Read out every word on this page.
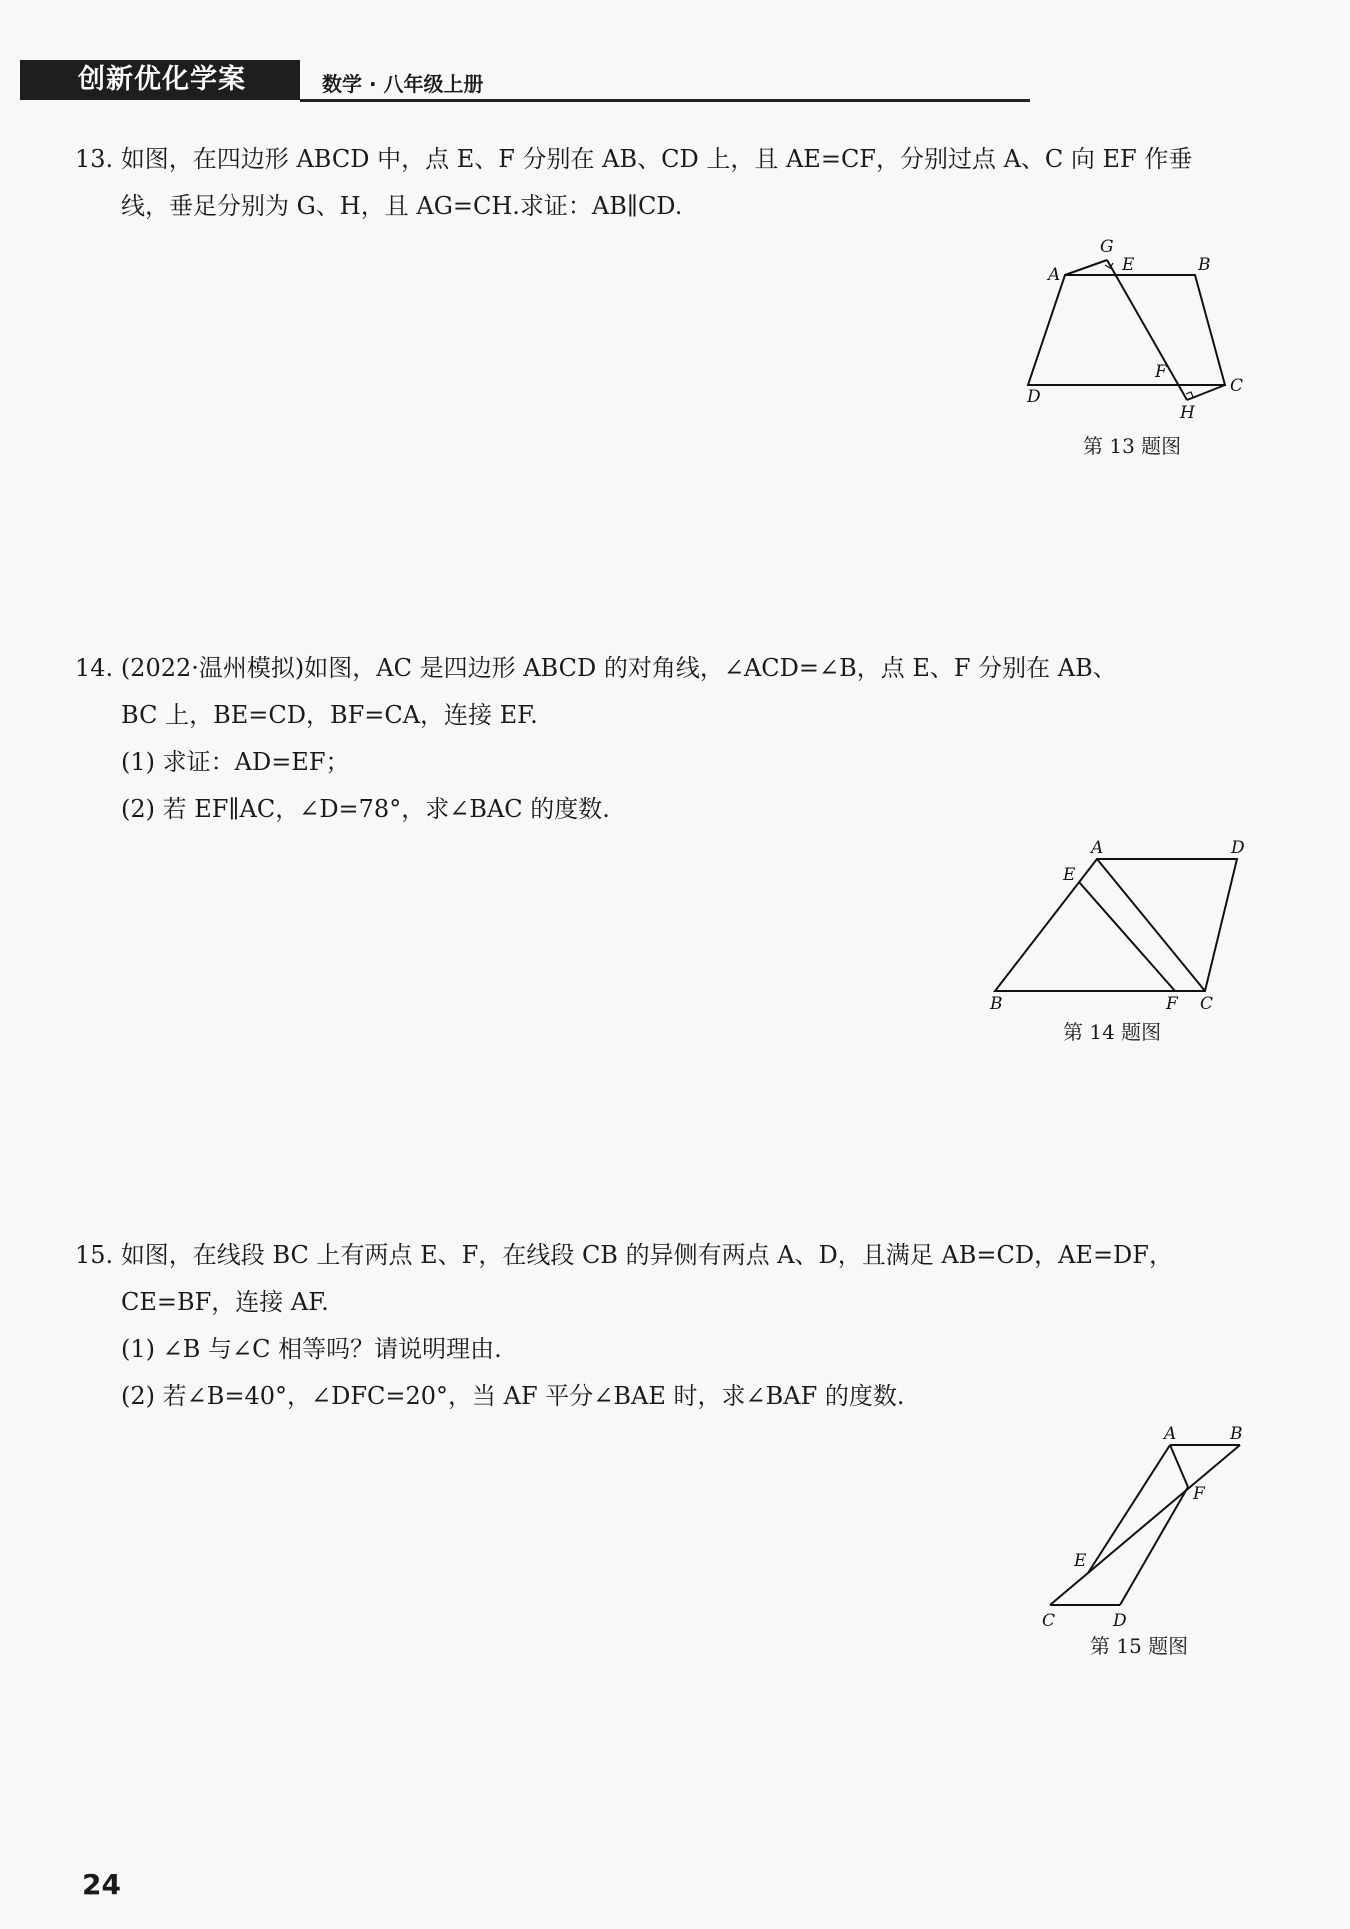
创新优化学案	数学 · 八年级上册

13. 如图，在四边形 ABCD 中，点 E、F 分别在 AB、CD 上，且 AE=CF，分别过点 A、C 向 EF 作垂

线，垂足分别为 G、H，且 AG=CH.求证：AB∥CD.

A	B
C
D
E
F
G
H
第 13 题图

14. (2022·温州模拟)如图，AC 是四边形 ABCD 的对角线，∠ACD=∠B，点 E、F 分别在 AB、

BC 上，BE=CD，BF=CA，连接 EF.

(1) 求证：AD=EF；

(2) 若 EF∥AC，∠D=78°，求∠BAC 的度数.

A
B	C
D
E
F
第 14 题图

15. 如图，在线段 BC 上有两点 E、F，在线段 CB 的异侧有两点 A、D，且满足 AB=CD，AE=DF，

CE=BF，连接 AF.

(1) ∠B 与∠C 相等吗？请说明理由.

(2) 若∠B=40°，∠DFC=20°，当 AF 平分∠BAE 时，求∠BAF 的度数.

A	B
C	D
E
F
第 15 题图
24
